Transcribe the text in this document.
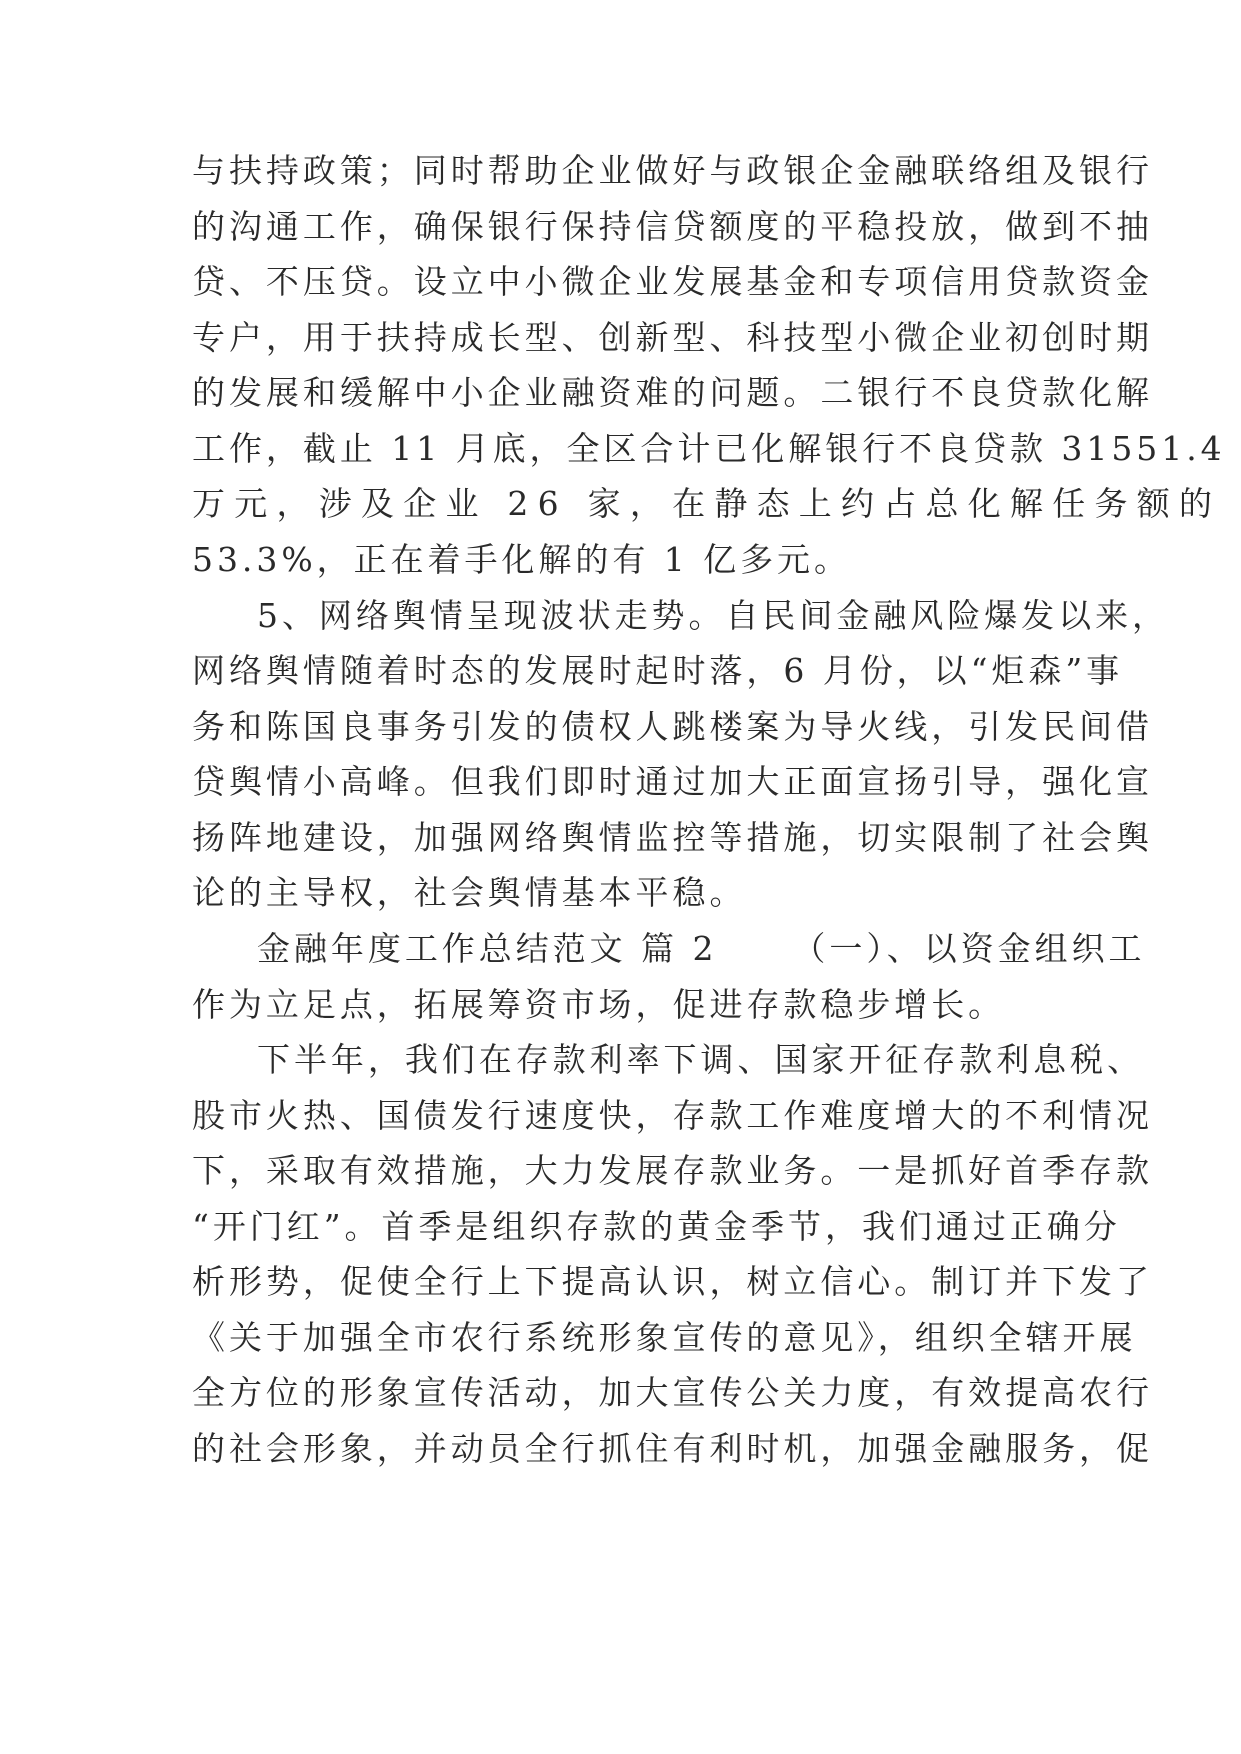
与扶持政策；同时帮助企业做好与政银企金融联络组及银行
的沟通工作，确保银行保持信贷额度的平稳投放，做到不抽
贷、不压贷。设立中小微企业发展基金和专项信用贷款资金
专户，用于扶持成长型、创新型、科技型小微企业初创时期
的发展和缓解中小企业融资难的问题。二银行不良贷款化解
工作，截止 11 月底，全区合计已化解银行不良贷款 31551.4
万元，涉及企业 26 家，在静态上约占总化解任务额的
53.3%，正在着手化解的有 1 亿多元。
5、网络舆情呈现波状走势。自民间金融风险爆发以来，
网络舆情随着时态的发展时起时落，6 月份，以“炬森”事
务和陈国良事务引发的债权人跳楼案为导火线，引发民间借
贷舆情小高峰。但我们即时通过加大正面宣扬引导，强化宣
扬阵地建设，加强网络舆情监控等措施，切实限制了社会舆
论的主导权，社会舆情基本平稳。
金融年度工作总结范文 篇 2 （一）、以资金组织工
作为立足点，拓展筹资市场，促进存款稳步增长。
下半年，我们在存款利率下调、国家开征存款利息税、
股市火热、国债发行速度快，存款工作难度增大的不利情况
下，采取有效措施，大力发展存款业务。一是抓好首季存款
“开门红”。首季是组织存款的黄金季节，我们通过正确分
析形势，促使全行上下提高认识，树立信心。制订并下发了
《关于加强全市农行系统形象宣传的意见》，组织全辖开展
全方位的形象宣传活动，加大宣传公关力度，有效提高农行
的社会形象，并动员全行抓住有利时机，加强金融服务，促
